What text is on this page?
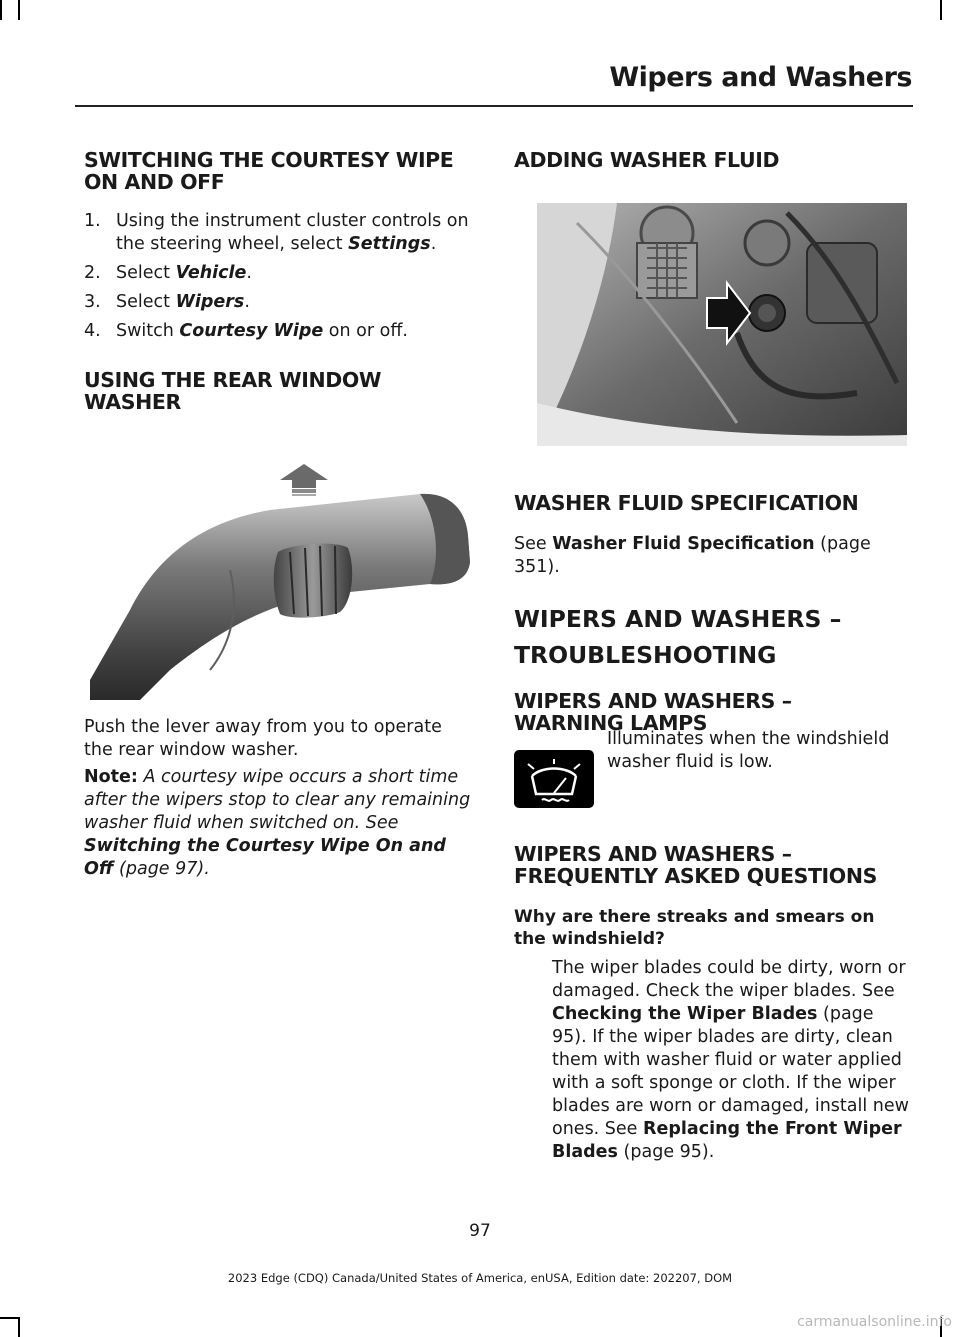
Wipers and Washers
SWITCHING THE COURTESY WIPE
ON AND OFF
1. Using the instrument cluster controls on the steering wheel, select Settings.
2. Select Vehicle.
3. Select Wipers.
4. Switch Courtesy Wipe on or off.
USING THE REAR WINDOW
WASHER

Push the lever away from you to operate the rear window washer.

Note: A courtesy wipe occurs a short time after the wipers stop to clear any remaining washer fluid when switched on. See Switching the Courtesy Wipe On and Off (page 97).

ADDING WASHER FLUID
WASHER FLUID SPECIFICATION

See Washer Fluid Specification (page 351).

WIPERS AND WASHERS –
TROUBLESHOOTING
WIPERS AND WASHERS –
WARNING LAMPS

Illuminates when the windshield washer fluid is low.

WIPERS AND WASHERS –
FREQUENTLY ASKED QUESTIONS

Why are there streaks and smears on the windshield?

The wiper blades could be dirty, worn or damaged. Check the wiper blades. See Checking the Wiper Blades (page 95). If the wiper blades are dirty, clean them with washer fluid or water applied with a soft sponge or cloth. If the wiper blades are worn or damaged, install new ones. See Replacing the Front Wiper Blades (page 95).

97
2023 Edge (CDQ) Canada/United States of America, enUSA, Edition date: 202207, DOM
carmanualsonline.info
